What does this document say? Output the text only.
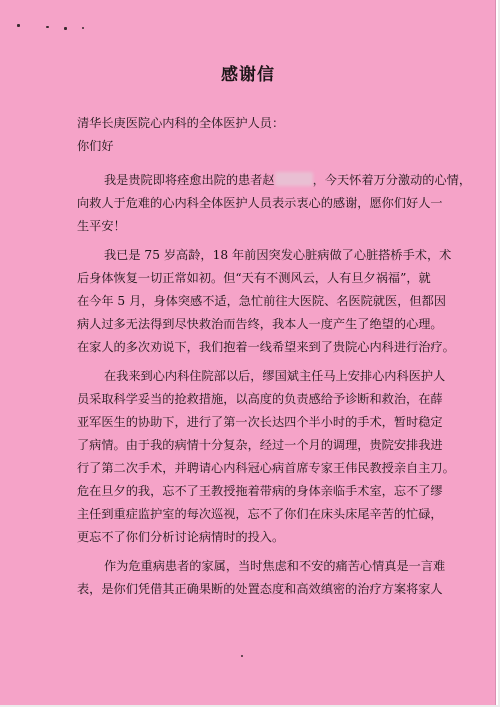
感谢信
清华长庚医院心内科的全体医护人员：
你们好
我是贵院即将痊愈出院的患者赵	，今天怀着万分激动的心情，
向救人于危难的心内科全体医护人员表示衷心的感谢，愿你们好人一
生平安！
我已是 75 岁高龄，18 年前因突发心脏病做了心脏搭桥手术，术
后身体恢复一切正常如初。但“天有不测风云，人有旦夕祸福”，就
在今年 5 月，身体突感不适，急忙前往大医院、名医院就医，但都因
病人过多无法得到尽快救治而告终，我本人一度产生了绝望的心理。
在家人的多次劝说下，我们抱着一线希望来到了贵院心内科进行治疗。
在我来到心内科住院部以后，缪国斌主任马上安排心内科医护人
员采取科学妥当的抢救措施，以高度的负责感给予诊断和救治，在薛
亚军医生的协助下，进行了第一次长达四个半小时的手术，暂时稳定
了病情。由于我的病情十分复杂，经过一个月的调理，贵院安排我进
行了第二次手术，并聘请心内科冠心病首席专家王伟民教授亲自主刀。
危在旦夕的我，忘不了王教授拖着带病的身体亲临手术室，忘不了缪
主任到重症监护室的每次巡视，忘不了你们在床头床尾辛苦的忙碌，
更忘不了你们分析讨论病情时的投入。
作为危重病患者的家属，当时焦虑和不安的痛苦心情真是一言难
表，是你们凭借其正确果断的处置态度和高效缜密的治疗方案将家人
